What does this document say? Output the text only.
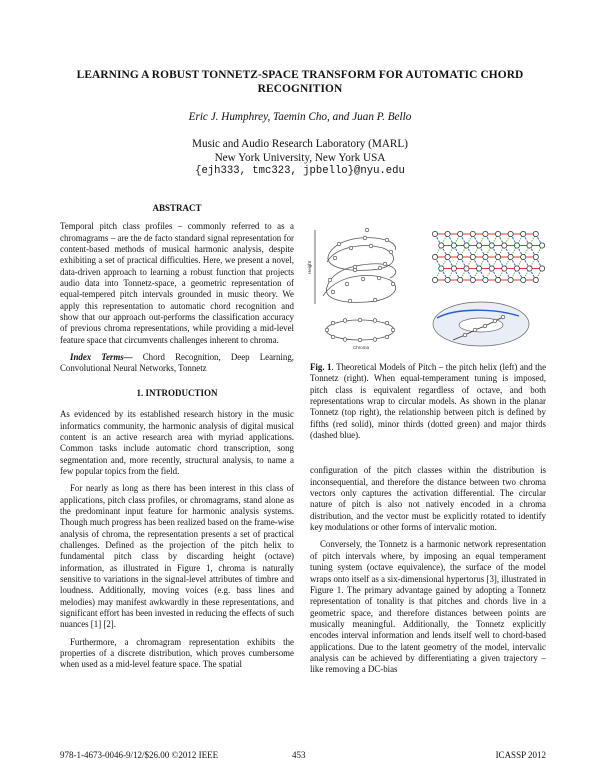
LEARNING A ROBUST TONNETZ-SPACE TRANSFORM FOR AUTOMATIC CHORD RECOGNITION
Eric J. Humphrey, Taemin Cho, and Juan P. Bello
Music and Audio Research Laboratory (MARL)
New York University, New York USA
{ejh333, tmc323, jpbello}@nyu.edu
ABSTRACT

Temporal pitch class profiles – commonly referred to as a chromagrams – are the de facto standard signal representation for content-based methods of musical harmonic analysis, despite exhibiting a set of practical difficulties. Here, we present a novel, data-driven approach to learning a robust function that projects audio data into Tonnetz-space, a geometric representation of equal-tempered pitch intervals grounded in music theory. We apply this representation to automatic chord recognition and show that our approach out-performs the classification accuracy of previous chroma representations, while providing a mid-level feature space that circumvents challenges inherent to chroma.

Index Terms— Chord Recognition, Deep Learning, Convolutional Neural Networks, Tonnetz

1. INTRODUCTION

As evidenced by its established research history in the music informatics community, the harmonic analysis of digital musical content is an active research area with myriad applications. Common tasks include automatic chord transcription, song segmentation and, more recently, structural analysis, to name a few popular topics from the field.

For nearly as long as there has been interest in this class of applications, pitch class profiles, or chromagrams, stand alone as the predominant input feature for harmonic analysis systems. Though much progress has been realized based on the frame-wise analysis of chroma, the representation presents a set of practical challenges. Defined as the projection of the pitch helix to fundamental pitch class by discarding height (octave) information, as illustrated in Figure 1, chroma is naturally sensitive to variations in the signal-level attributes of timbre and loudness. Additionally, moving voices (e.g. bass lines and melodies) may manifest awkwardly in these representations, and significant effort has been invested in reducing the effects of such nuances [1] [2].

Furthermore, a chromagram representation exhibits the properties of a discrete distribution, which proves cumbersome when used as a mid-level feature space. The spatial

Height
Chroma

Fig. 1. Theoretical Models of Pitch – the pitch helix (left) and the Tonnetz (right). When equal-temperament tuning is imposed, pitch class is equivalent regardless of octave, and both representations wrap to circular models. As shown in the planar Tonnetz (top right), the relationship between pitch is defined by fifths (red solid), minor thirds (dotted green) and major thirds (dashed blue).

configuration of the pitch classes within the distribution is inconsequential, and therefore the distance between two chroma vectors only captures the activation differential. The circular nature of pitch is also not natively encoded in a chroma distribution, and the vector must be explicitly rotated to identify key modulations or other forms of intervalic motion.

Conversely, the Tonnetz is a harmonic network representation of pitch intervals where, by imposing an equal temperament tuning system (octave equivalence), the surface of the model wraps onto itself as a six-dimensional hypertorus [3], illustrated in Figure 1. The primary advantage gained by adopting a Tonnetz representation of tonality is that pitches and chords live in a geometric space, and therefore distances between points are musically meaningful. Additionally, the Tonnetz explicitly encodes interval information and lends itself well to chord-based applications. Due to the latent geometry of the model, intervalic analysis can be achieved by differentiating a given trajectory – like removing a DC-bias

978-1-4673-0046-9/12/$26.00 ©2012 IEEE	453	ICASSP 2012
